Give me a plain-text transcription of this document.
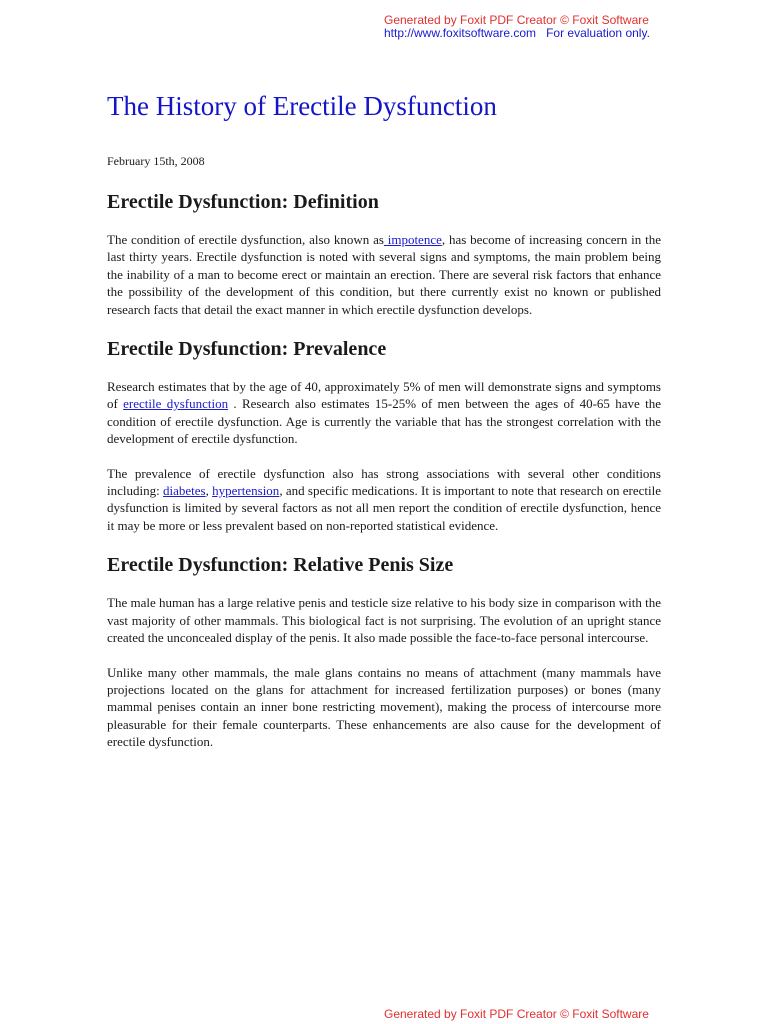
Generated by Foxit PDF Creator © Foxit Software
http://www.foxitsoftware.com For evaluation only.
The History of Erectile Dysfunction
February 15th, 2008
Erectile Dysfunction: Definition

The condition of erectile dysfunction, also known as impotence, has become of increasing concern in the last thirty years. Erectile dysfunction is noted with several signs and symptoms, the main problem being the inability of a man to become erect or maintain an erection. There are several risk factors that enhance the possibility of the development of this condition, but there currently exist no known or published research facts that detail the exact manner in which erectile dysfunction develops.

Erectile Dysfunction: Prevalence

Research estimates that by the age of 40, approximately 5% of men will demonstrate signs and symptoms of erectile dysfunction . Research also estimates 15-25% of men between the ages of 40-65 have the condition of erectile dysfunction. Age is currently the variable that has the strongest correlation with the development of erectile dysfunction.

The prevalence of erectile dysfunction also has strong associations with several other conditions including: diabetes, hypertension, and specific medications. It is important to note that research on erectile dysfunction is limited by several factors as not all men report the condition of erectile dysfunction, hence it may be more or less prevalent based on non-reported statistical evidence.

Erectile Dysfunction: Relative Penis Size

The male human has a large relative penis and testicle size relative to his body size in comparison with the vast majority of other mammals. This biological fact is not surprising. The evolution of an upright stance created the unconcealed display of the penis. It also made possible the face-to-face personal intercourse.

Unlike many other mammals, the male glans contains no means of attachment (many mammals have projections located on the glans for attachment for increased fertilization purposes) or bones (many mammal penises contain an inner bone restricting movement), making the process of intercourse more pleasurable for their female counterparts. These enhancements are also cause for the development of erectile dysfunction.

Generated by Foxit PDF Creator © Foxit Software
